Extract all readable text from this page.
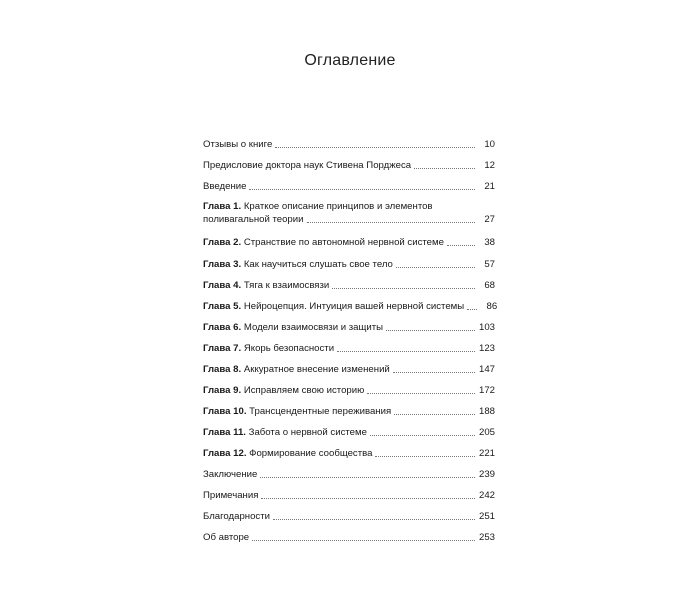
Оглавление
Отзывы о книге	10
Предисловие доктора наук Стивена Порджеса	12
Введение	21
Глава 1. Краткое описание принципов и элементов
поливагальной теории	27
Глава 2. Странствие по автономной нервной системе	38
Глава 3. Как научиться слушать свое тело	57
Глава 4. Тяга к взаимосвязи	68
Глава 5. Нейроцепция. Интуиция вашей нервной системы	86
Глава 6. Модели взаимосвязи и защиты	103
Глава 7. Якорь безопасности	123
Глава 8. Аккуратное внесение изменений	147
Глава 9. Исправляем свою историю	172
Глава 10. Трансцендентные переживания	188
Глава 11. Забота о нервной системе	205
Глава 12. Формирование сообщества	221
Заключение	239
Примечания	242
Благодарности	251
Об авторе	253
